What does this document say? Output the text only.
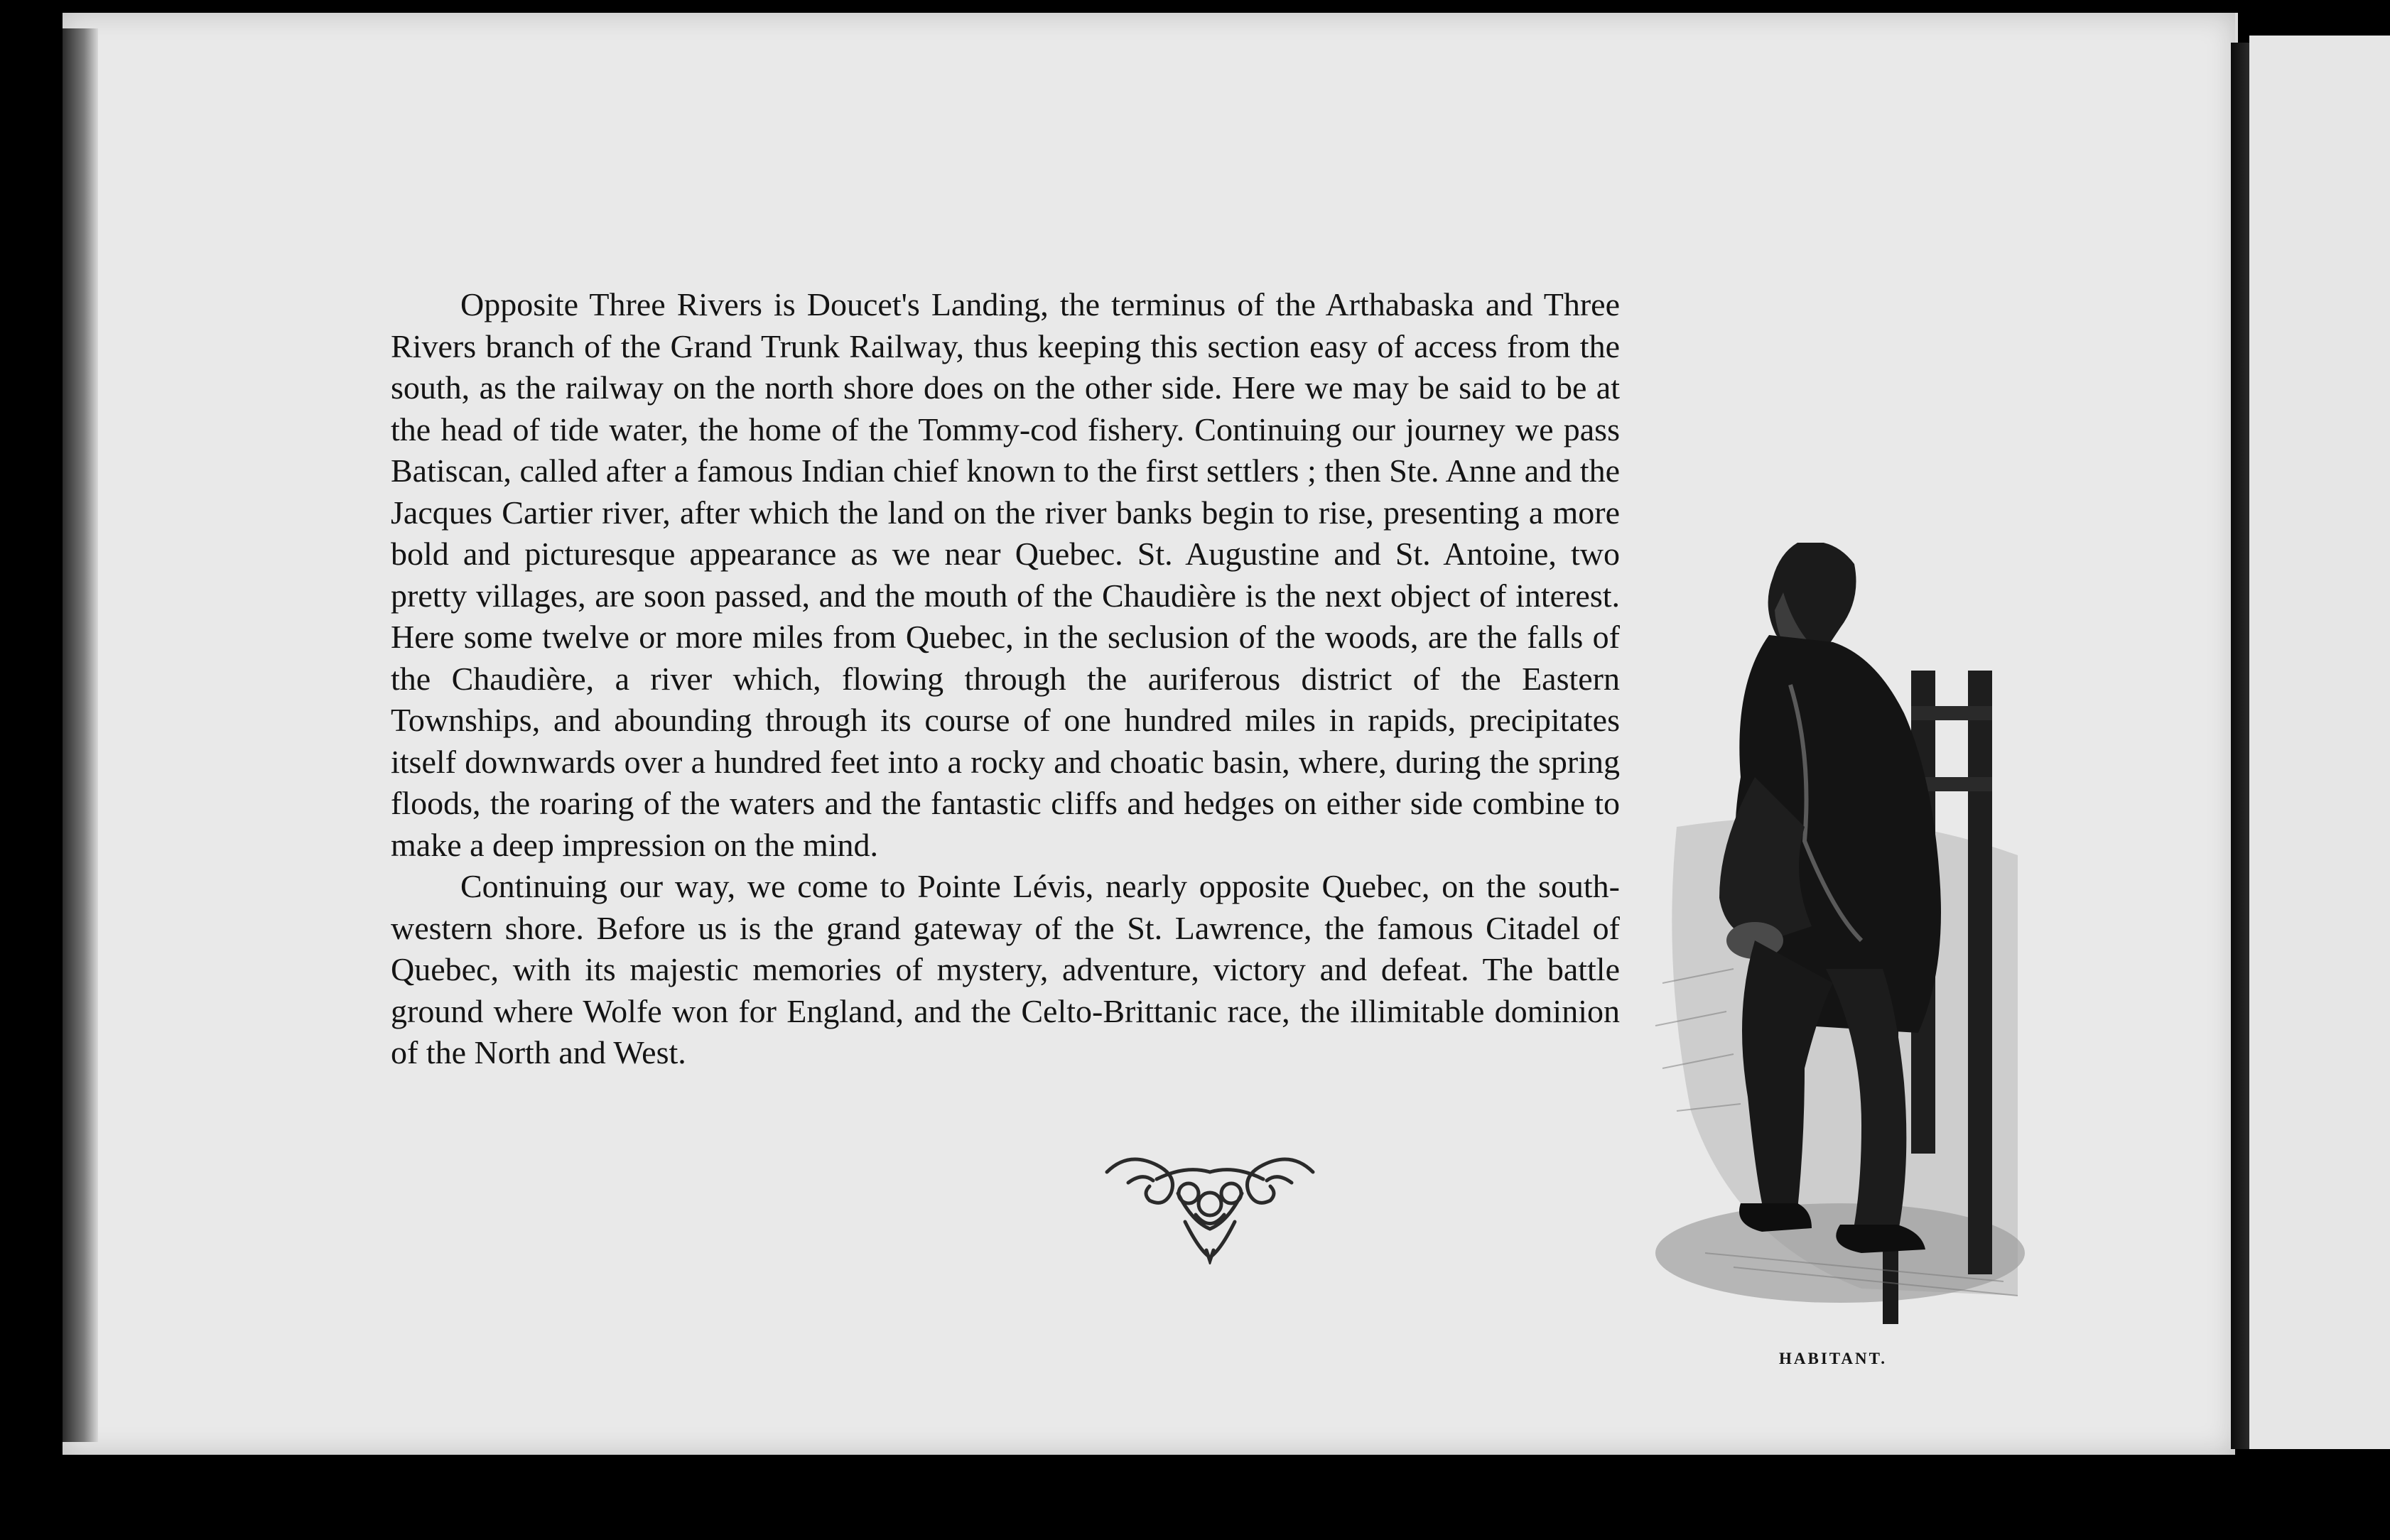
HABITANT.

Opposite Three Rivers is Doucet's Landing, the terminus of the Arthabaska and Three Rivers branch of the Grand Trunk Railway, thus keeping this section easy of access from the south, as the railway on the north shore does on the other side. Here we may be said to be at the head of tide water, the home of the Tommy-cod fishery. Continuing our journey we pass Batiscan, called after a famous Indian chief known to the first settlers ; then Ste. Anne and the Jacques Cartier river, after which the land on the river banks begin to rise, presenting a more bold and picturesque appearance as we near Quebec. St. Augustine and St. Antoine, two pretty villages, are soon passed, and the mouth of the Chaudière is the next object of interest. Here some twelve or more miles from Quebec, in the seclusion of the woods, are the falls of the Chaudière, a river which, flowing through the auriferous district of the Eastern Townships, and abounding through its course of one hundred miles in rapids, precipitates itself downwards over a hundred feet into a rocky and choatic basin, where, during the spring floods, the roaring of the waters and the fantastic cliffs and hedges on either side combine to make a deep impression on the mind.

Continuing our way, we come to Pointe Lévis, nearly opposite Quebec, on the south-western shore. Before us is the grand gateway of the St. Lawrence, the famous Citadel of Quebec, with its majestic memories of mystery, adventure, victory and defeat. The battle ground where Wolfe won for England, and the Celto-Brittanic race, the illimitable dominion of the North and West.
